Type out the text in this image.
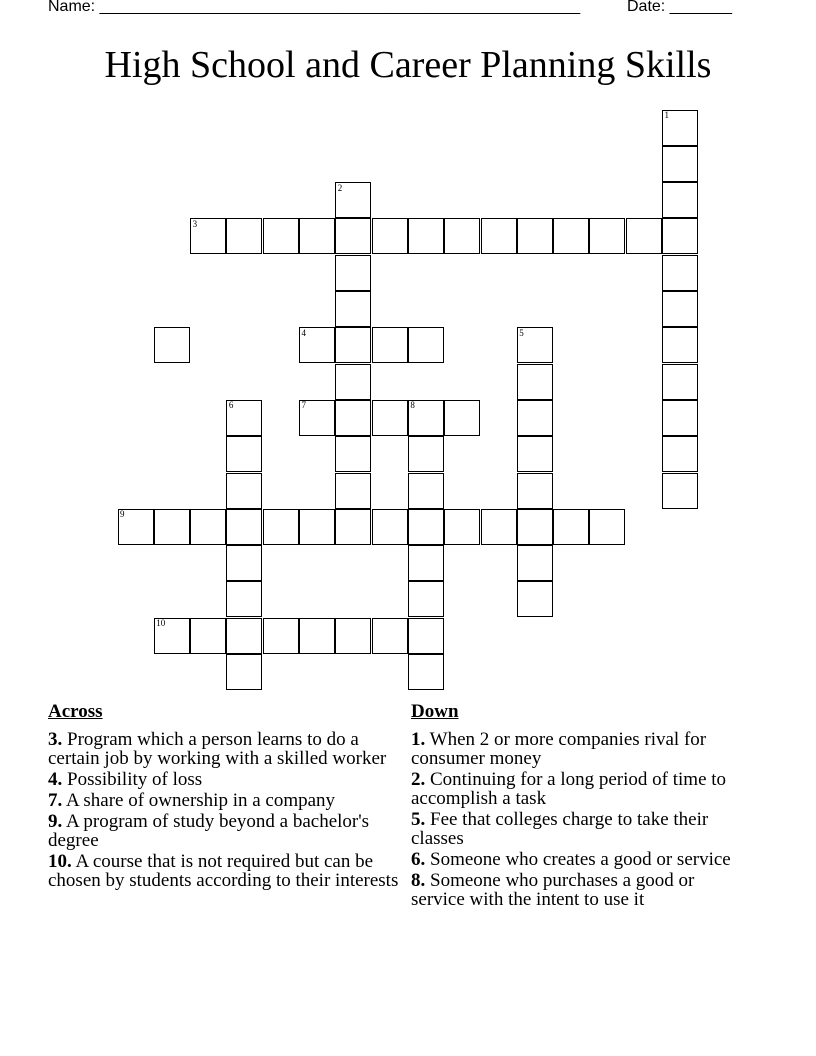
Name: ______________________________________________________	Date: _______
High School and Career Planning Skills
1
2
3
4	5
6	7	8
9
10
Across
3. Program which a person learns to do a certain job by working with a skilled worker
4. Possibility of loss
7. A share of ownership in a company
9. A program of study beyond a bachelor's degree
10. A course that is not required but can be chosen by students according to their interests
Down
1. When 2 or more companies rival for consumer money
2. Continuing for a long period of time to accomplish a task
5. Fee that colleges charge to take their classes
6. Someone who creates a good or service
8. Someone who purchases a good or service with the intent to use it
